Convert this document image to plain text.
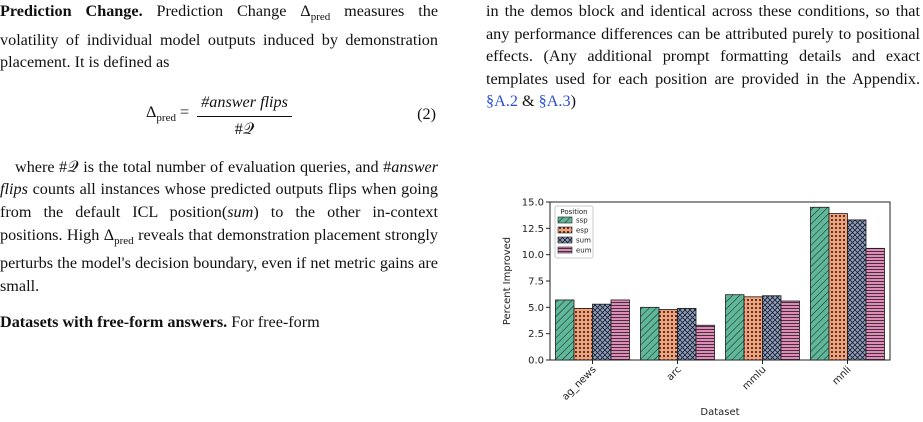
Prediction Change. Prediction Change $\Delta_{pred}$ measures the volatility of individual model outputs induced by demonstration placement. It is defined as

$\Delta_{pred} = \frac{\text{\#answer flips}}{\text{\#𝒬}}$	(2)

where #𝒬 is the total number of evaluation queries, and #answer flips counts all instances whose predicted outputs flips when going from the default ICL position(sum) to the other in-context positions. High $\Delta_{pred}$ reveals that demonstration placement strongly perturbs the model's decision boundary, even if net metric gains are small.

Datasets with free-form answers. For free-form

in the demos block and identical across these conditions, so that any performance differences can be attributed purely to positional effects. (Any additional prompt formatting details and exact templates used for each position are provided in the Appendix. §A.2 & §A.3)

0.0
2.5
5.0
7.5
10.0
12.5
15.0
Percent Improved
ag_news	arc	mmlu	mnli
Dataset
Position
ssp
esp
sum
eum
